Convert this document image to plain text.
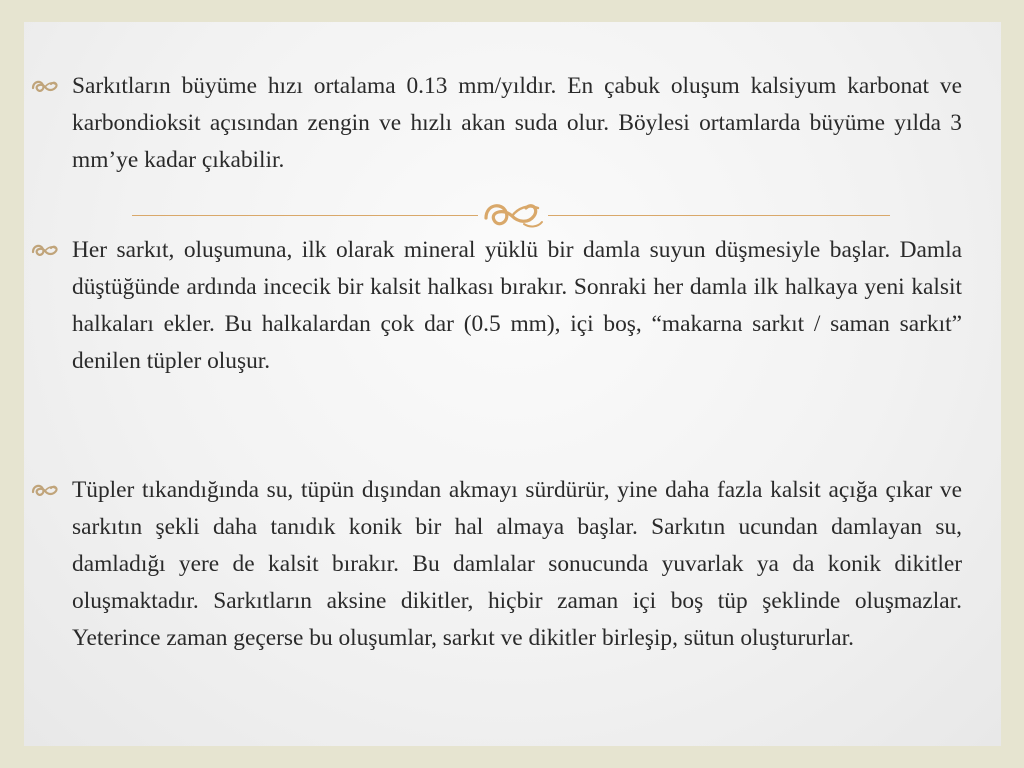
Sarkıtların büyüme hızı ortalama 0.13 mm/yıldır. En çabuk oluşum kalsiyum karbonat ve karbondioksit açısından zengin ve hızlı akan suda olur. Böylesi ortamlarda büyüme yılda 3 mm’ye kadar çıkabilir.
Her sarkıt, oluşumuna, ilk olarak mineral yüklü bir damla suyun düşmesiyle başlar. Damla düştüğünde ardında incecik bir kalsit halkası bırakır. Sonraki her damla ilk halkaya yeni kalsit halkaları ekler. Bu halkalardan çok dar (0.5 mm), içi boş, “makarna sarkıt / saman sarkıt” denilen tüpler oluşur.
Tüpler tıkandığında su, tüpün dışından akmayı sürdürür, yine daha fazla kalsit açığa çıkar ve sarkıtın şekli daha tanıdık konik bir hal almaya başlar. Sarkıtın ucundan damlayan su, damladığı yere de kalsit bırakır. Bu damlalar sonucunda yuvarlak ya da konik dikitler oluşmaktadır. Sarkıtların aksine dikitler, hiçbir zaman içi boş tüp şeklinde oluşmazlar. Yeterince zaman geçerse bu oluşumlar, sarkıt ve dikitler birleşip, sütun oluştururlar.
